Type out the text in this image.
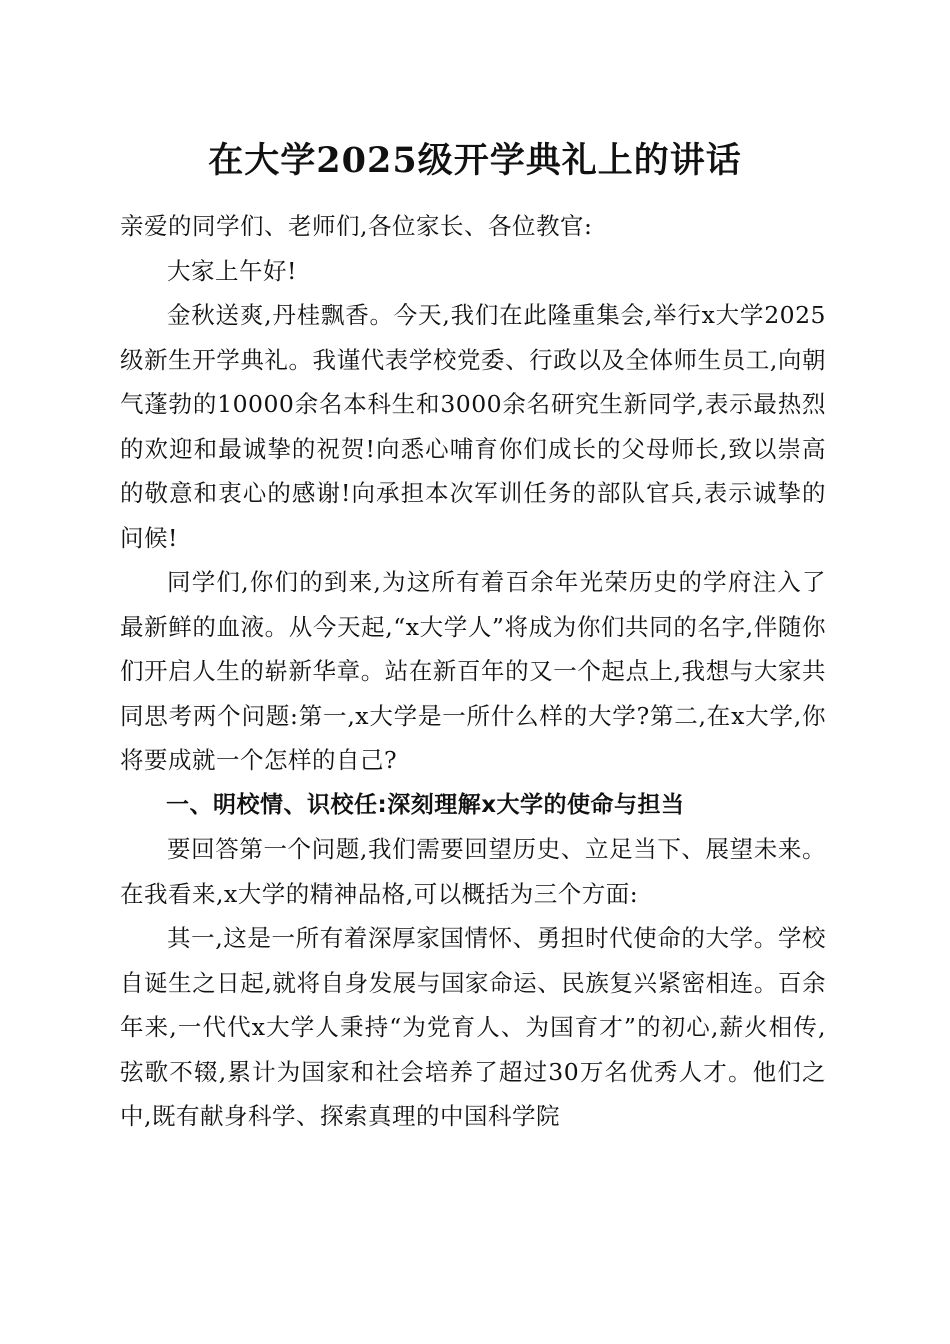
在大学2025级开学典礼上的讲话

亲爱的同学们、老师们,各位家长、各位教官:

大家上午好!

金秋送爽,丹桂飘香。今天,我们在此隆重集会,举行x大学2025级新生开学典礼。我谨代表学校党委、行政以及全体师生员工,向朝气蓬勃的10000余名本科生和3000余名研究生新同学,表示最热烈的欢迎和最诚挚的祝贺!向悉心哺育你们成长的父母师长,致以崇高的敬意和衷心的感谢!向承担本次军训任务的部队官兵,表示诚挚的问候!

同学们,你们的到来,为这所有着百余年光荣历史的学府注入了最新鲜的血液。从今天起,“x大学人”将成为你们共同的名字,伴随你们开启人生的崭新华章。站在新百年的又一个起点上,我想与大家共同思考两个问题:第一,x大学是一所什么样的大学?第二,在x大学,你将要成就一个怎样的自己?

一、明校情、识校任:深刻理解x大学的使命与担当

要回答第一个问题,我们需要回望历史、立足当下、展望未来。在我看来,x大学的精神品格,可以概括为三个方面:

其一,这是一所有着深厚家国情怀、勇担时代使命的大学。学校自诞生之日起,就将自身发展与国家命运、民族复兴紧密相连。百余年来,一代代x大学人秉持“为党育人、为国育才”的初心,薪火相传,弦歌不辍,累计为国家和社会培养了超过30万名优秀人才。他们之中,既有献身科学、探索真理的中国科学院
